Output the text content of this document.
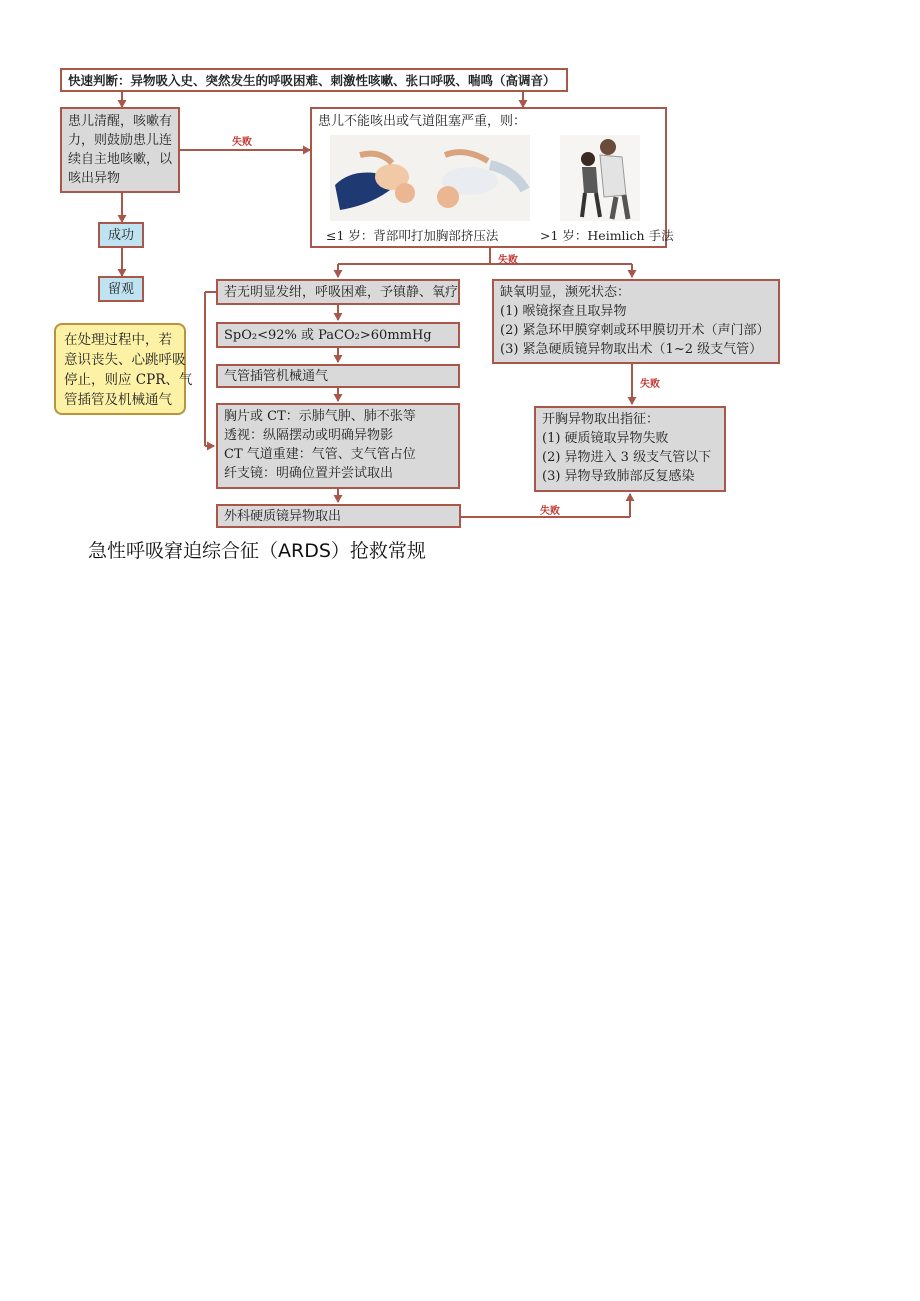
快速判断：异物吸入史、突然发生的呼吸困难、刺激性咳嗽、张口呼吸、喘鸣（高调音）
患儿清醒，咳嗽有
力，则鼓励患儿连
续自主地咳嗽，以
咳出异物
失败
成功
留观
在处理过程中，若
意识丧失、心跳呼吸
停止，则应 CPR、气
管插管及机械通气
患儿不能咳出或气道阻塞严重，则：
≤1 岁：背部叩打加胸部挤压法	>1 岁：Heimlich 手法
失败
若无明显发绀，呼吸困难，予镇静、氧疗
SpO₂<92% 或 PaCO₂>60mmHg
气管插管机械通气
胸片或 CT：示肺气肿、肺不张等
透视：纵隔摆动或明确异物影
CT 气道重建：气管、支气管占位
纤支镜：明确位置并尝试取出
外科硬质镜异物取出
缺氧明显，濒死状态：
(1) 喉镜探查且取异物
(2) 紧急环甲膜穿刺或环甲膜切开术（声门部）
(3) 紧急硬质镜异物取出术（1~2 级支气管）
失败
开胸异物取出指征：
(1) 硬质镜取异物失败
(2) 异物进入 3 级支气管以下
(3) 异物导致肺部反复感染
失败
急性呼吸窘迫综合征（ARDS）抢救常规
